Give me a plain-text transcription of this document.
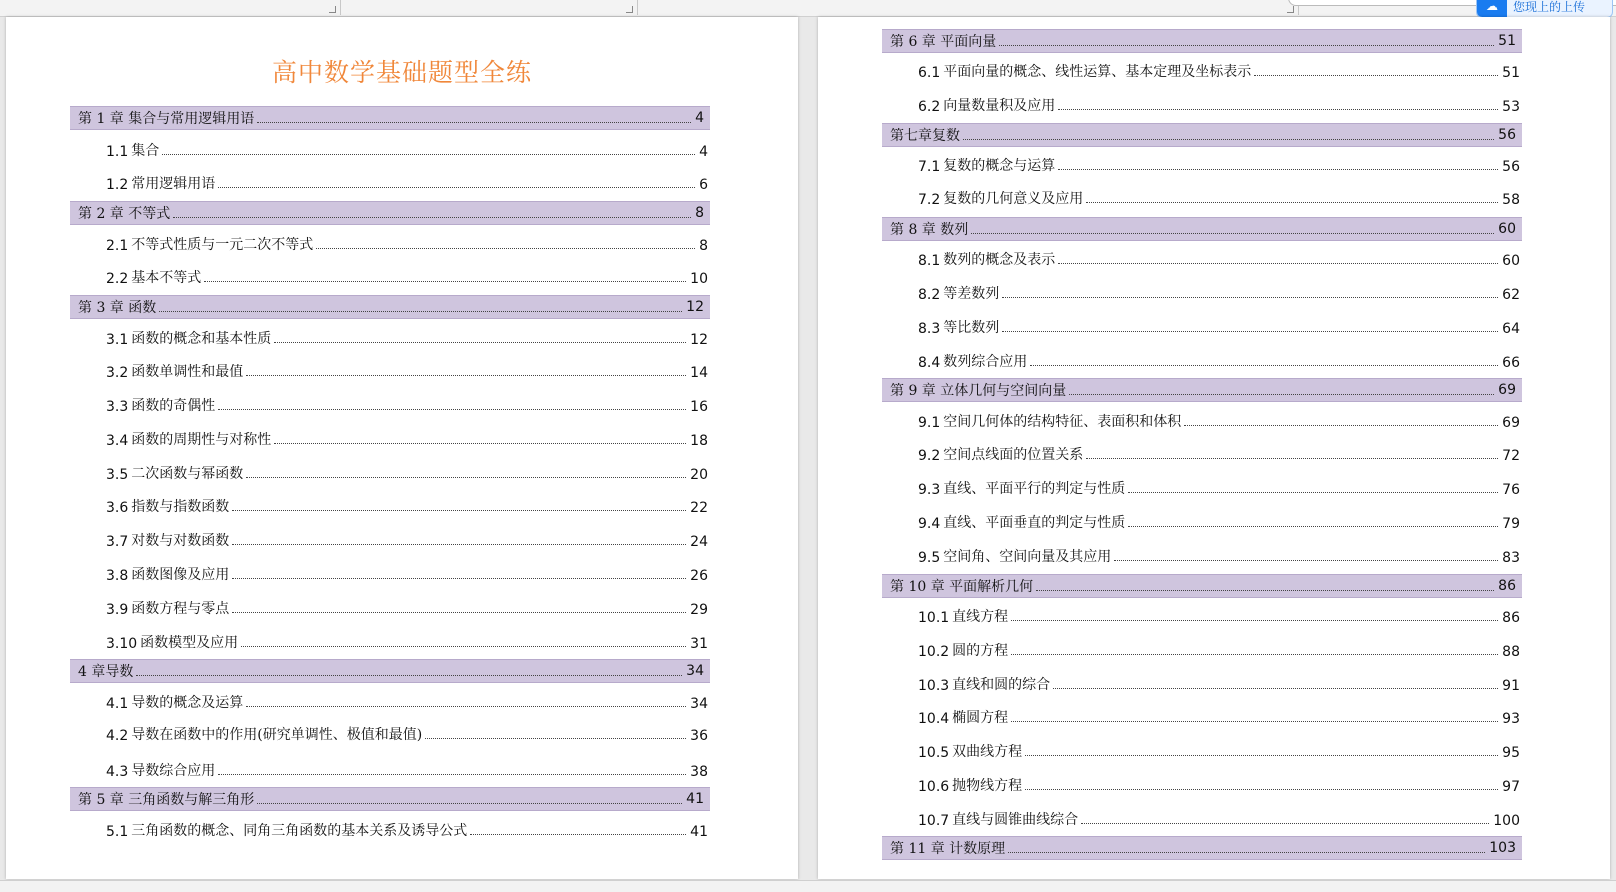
☁	您现上的上传
高中数学基础题型全练
第 1 章 集合与常用逻辑用语	4
1.1 集合	4
1.2 常用逻辑用语	6
第 2 章 不等式	8
2.1 不等式性质与一元二次不等式	8
2.2 基本不等式	10
第 3 章 函数	12
3.1 函数的概念和基本性质	12
3.2 函数单调性和最值	14
3.3 函数的奇偶性	16
3.4 函数的周期性与对称性	18
3.5 二次函数与幂函数	20
3.6 指数与指数函数	22
3.7 对数与对数函数	24
3.8 函数图像及应用	26
3.9 函数方程与零点	29
3.10 函数模型及应用	31
4 章导数	34
4.1 导数的概念及运算	34
4.2 导数在函数中的作用(研究单调性、极值和最值)	36
4.3 导数综合应用	38
第 5 章 三角函数与解三角形	41
5.1 三角函数的概念、同角三角函数的基本关系及诱导公式	41
第 6 章 平面向量	51
6.1 平面向量的概念、线性运算、基本定理及坐标表示	51
6.2 向量数量积及应用	53
第七章复数	56
7.1 复数的概念与运算	56
7.2 复数的几何意义及应用	58
第 8 章 数列	60
8.1 数列的概念及表示	60
8.2 等差数列	62
8.3 等比数列	64
8.4 数列综合应用	66
第 9 章 立体几何与空间向量	69
9.1 空间几何体的结构特征、表面积和体积	69
9.2 空间点线面的位置关系	72
9.3 直线、平面平行的判定与性质	76
9.4 直线、平面垂直的判定与性质	79
9.5 空间角、空间向量及其应用	83
第 10 章 平面解析几何	86
10.1 直线方程	86
10.2 圆的方程	88
10.3 直线和圆的综合	91
10.4 椭圆方程	93
10.5 双曲线方程	95
10.6 抛物线方程	97
10.7 直线与圆锥曲线综合	100
第 11 章 计数原理	103
